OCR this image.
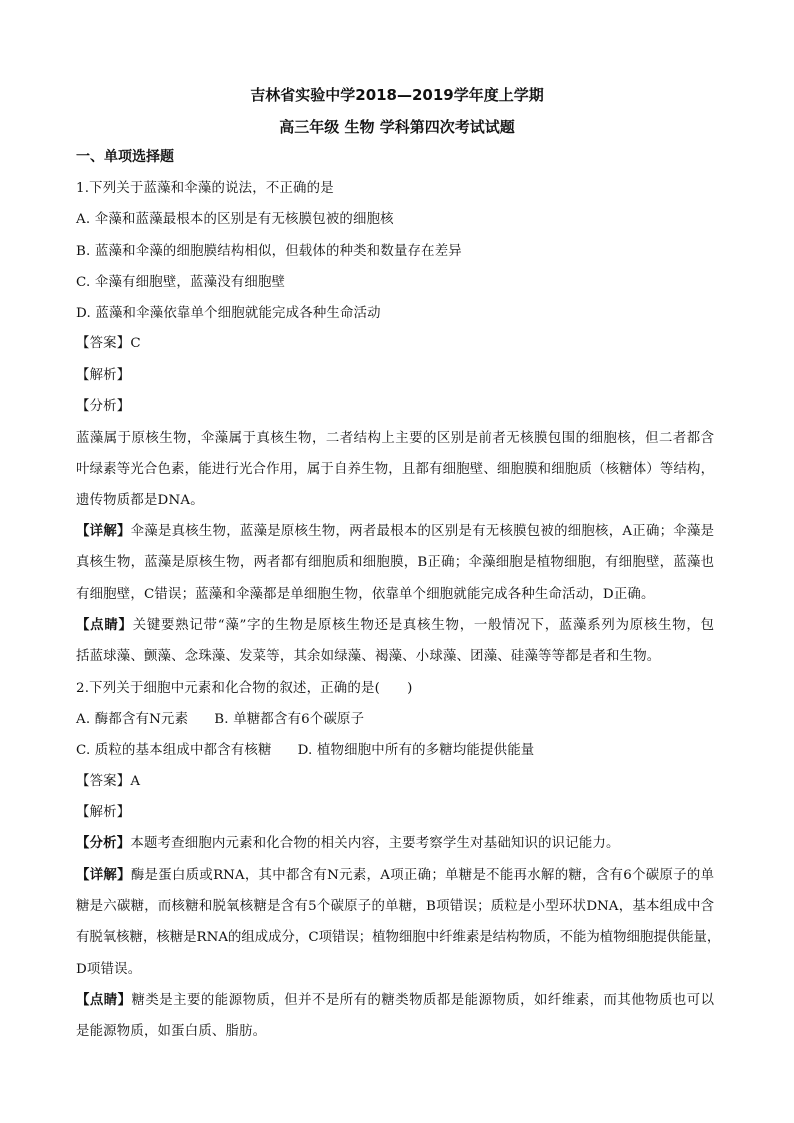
吉林省实验中学2018—2019学年度上学期
高三年级 生物 学科第四次考试试题
一、单项选择题
1.下列关于蓝藻和伞藻的说法，不正确的是
A. 伞藻和蓝藻最根本的区别是有无核膜包被的细胞核
B. 蓝藻和伞藻的细胞膜结构相似，但载体的种类和数量存在差异
C. 伞藻有细胞壁，蓝藻没有细胞壁
D. 蓝藻和伞藻依靠单个细胞就能完成各种生命活动
【答案】C
【解析】
【分析】
蓝藻属于原核生物，伞藻属于真核生物，二者结构上主要的区别是前者无核膜包围的细胞核，但二者都含
叶绿素等光合色素，能进行光合作用，属于自养生物，且都有细胞壁、细胞膜和细胞质（核糖体）等结构，
遗传物质都是DNA。
【详解】伞藻是真核生物，蓝藻是原核生物，两者最根本的区别是有无核膜包被的细胞核，A正确；伞藻是
真核生物，蓝藻是原核生物，两者都有细胞质和细胞膜，B正确；伞藻细胞是植物细胞，有细胞壁，蓝藻也
有细胞壁，C错误；蓝藻和伞藻都是单细胞生物，依靠单个细胞就能完成各种生命活动，D正确。
【点睛】关键要熟记带“藻”字的生物是原核生物还是真核生物，一般情况下，蓝藻系列为原核生物，包
括蓝球藻、颤藻、念珠藻、发菜等，其余如绿藻、褐藻、小球藻、团藻、硅藻等等都是者和生物。
2.下列关于细胞中元素和化合物的叙述，正确的是(　　)
A. 酶都含有N元素 B. 单糖都含有6个碳原子
C. 质粒的基本组成中都含有核糖 D. 植物细胞中所有的多糖均能提供能量
【答案】A
【解析】
【分析】本题考查细胞内元素和化合物的相关内容，主要考察学生对基础知识的识记能力。
【详解】酶是蛋白质或RNA，其中都含有N元素，A项正确；单糖是不能再水解的糖，含有6个碳原子的单
糖是六碳糖，而核糖和脱氧核糖是含有5个碳原子的单糖，B项错误；质粒是小型环状DNA，基本组成中含
有脱氧核糖，核糖是RNA的组成成分，C项错误；植物细胞中纤维素是结构物质，不能为植物细胞提供能量，
D项错误。
【点睛】糖类是主要的能源物质，但并不是所有的糖类物质都是能源物质，如纤维素，而其他物质也可以
是能源物质，如蛋白质、脂肪。
